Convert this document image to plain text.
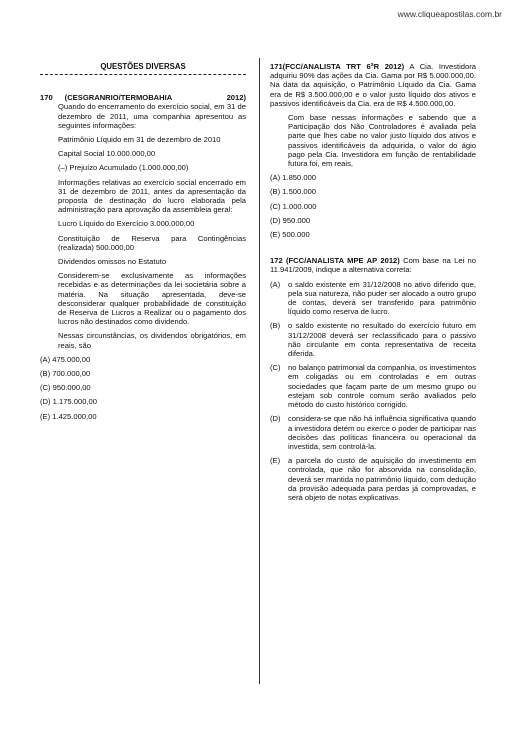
www.cliqueapostilas.com.br
QUESTÕES DIVERSAS
170 (CESGRANRIO/TERMOBAHIA	2012)

Quando do encerramento do exercício social, em 31 de dezembro de 2011, uma companhia apresentou as seguintes informações:

Patrimônio Líquido em 31 de dezembro de 2010

Capital Social 10.000.000,00

(–) Prejuízo Acumulado (1.000.000,00)

Informações relativas ao exercício social encerrado em 31 de dezembro de 2011, antes da apresentação da proposta de destinação do lucro elaborada pela administração para aprovação da assembleia geral:

Lucro Líquido do Exercício 3.000.000,00

Constituição de Reserva para Contingências (realizada) 500.000,00

Dividendos omissos no Estatuto

Considerem-se exclusivamente as informações recebidas e as determinações da lei societária sobre a matéria. Na situação apresentada, deve-se desconsiderar qualquer probabilidade de constituição de Reserva de Lucros a Realizar ou o pagamento dos lucros não destinados como dividendo.

Nessas circunstâncias, os dividendos obrigatórios, em reais, são

(A) 475.000,00
(B) 700.000,00
(C) 950.000,00
(D) 1.175.000,00
(E) 1.425.000,00

171(FCC/ANALISTA TRT 6ªR 2012) A Cia. Investidora adquiriu 90% das ações da Cia. Gama por R$ 5.000.000,00. Na data da aquisição, o Patrimônio Líquido da Cia. Gama era de R$ 3.500.000,00 e o valor justo líquido dos ativos e passivos identificáveis da Cia. era de R$ 4.500.000,00.

Com base nessas informações e sabendo que a Participação dos Não Controladores é avaliada pela parte que lhes cabe no valor justo líquido dos ativos e passivos identificáveis da adquirida, o valor do ágio pago pela Cia. Investidora em função de rentabilidade futura foi, em reais,

(A) 1.850.000
(B) 1.500.000
(C) 1.000.000
(D) 950.000
(E) 500.000

172 (FCC/ANALISTA MPE AP 2012) Com base na Lei no 11.941/2009, indique a alternativa correta:

(A)	o saldo existente em 31/12/2008 no ativo diferido que, pela sua natureza, não puder ser alocado a outro grupo de contas, deverá ser transferido para patrimônio líquido como reserva de lucro.
(B)	o saldo existente no resultado do exercício futuro em 31/12/2008 deverá ser reclassificado para o passivo não circulante em conta representativa de receita diferida.
(C) no balanço patrimonial da companhia, os investimentos em coligadas ou em controladas e em outras sociedades que façam parte de um mesmo grupo ou estejam sob controle comum serão avaliados pelo método do custo histórico corrigido.
(D) considera-se que não há influência significativa quando a investidora detém ou exerce o poder de participar nas decisões das políticas financeira ou operacional da investida, sem controlá-la.
(E)	a parcela do custo de aquisição do investimento em controlada, que não for absorvida na consolidação, deverá ser mantida no patrimônio líquido, com dedução da provisão adequada para perdas já comprovadas, e será objeto de notas explicativas.
